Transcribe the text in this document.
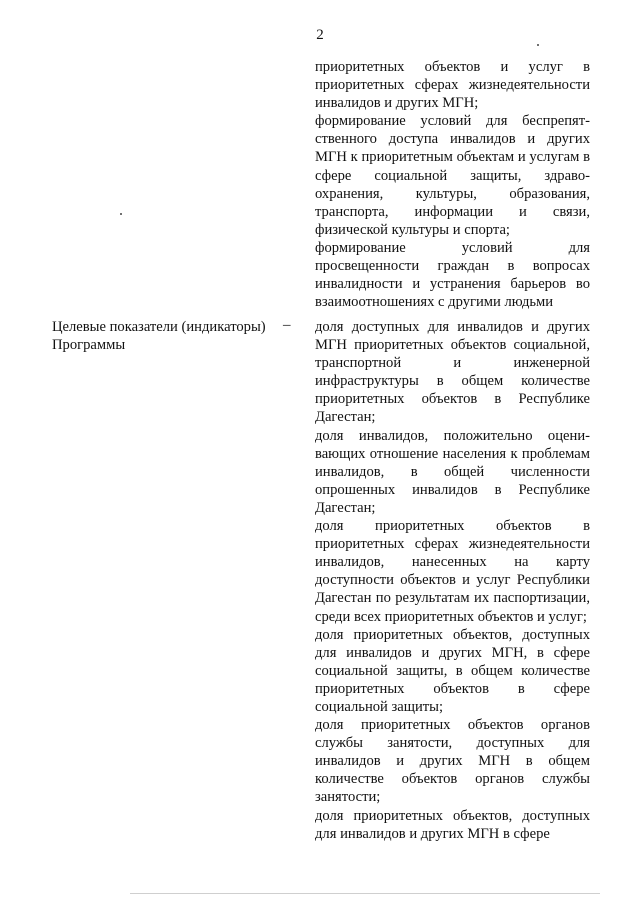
2

приоритетных объектов и услуг в приоритетных сферах жизнедеятельности инвалидов и других МГН;

формирование условий для беспрепят-ственного доступа инвалидов и других МГН к приоритетным объектам и услугам в сфере социальной защиты, здраво-охранения, культуры, образования, транспорта, информации и связи, физической культуры и спорта;

формирование условий для просвещенности граждан в вопросах инвалидности и устранения барьеров во взаимоотношениях с другими людьми

Целевые показатели (индикаторы) Программы
– доля доступных для инвалидов и других МГН приоритетных объектов социальной, транспортной и инженерной инфраструктуры в общем количестве приоритетных объектов в Республике Дагестан;

доля инвалидов, положительно оцени-вающих отношение населения к проблемам инвалидов, в общей численности опрошенных инвалидов в Республике Дагестан;

доля приоритетных объектов в приоритетных сферах жизнедеятельности инвалидов, нанесенных на карту доступности объектов и услуг Республики Дагестан по результатам их паспортизации, среди всех приоритетных объектов и услуг;

доля приоритетных объектов, доступных для инвалидов и других МГН, в сфере социальной защиты, в общем количестве приоритетных объектов в сфере социальной защиты;

доля приоритетных объектов органов службы занятости, доступных для инвалидов и других МГН в общем количестве объектов органов службы занятости;

доля приоритетных объектов, доступных для инвалидов и других МГН в сфере
